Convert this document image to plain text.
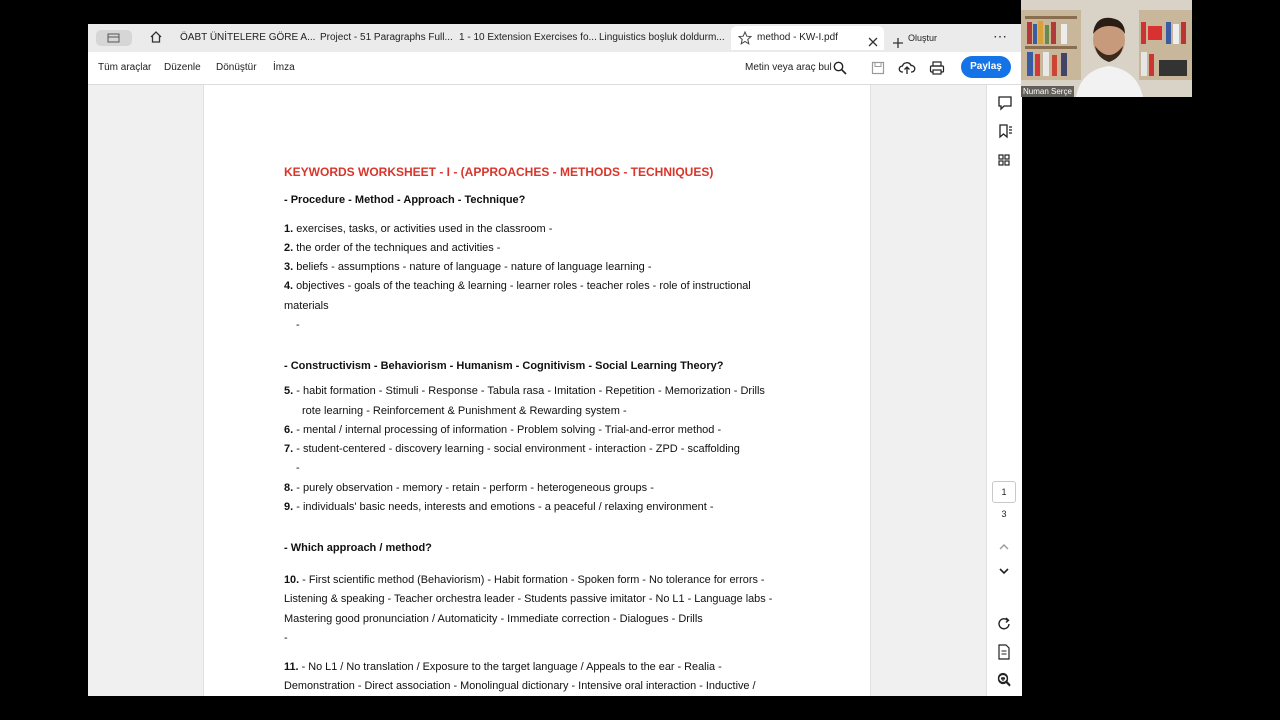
ÖABT ÜNİTELERE GÖRE A... Project - 51 Paragraphs Full... 1 - 10 Extension Exercises fo... Linguistics boşluk doldurm...	method - KW-I.pdf	Oluştur	⋯
Tüm araçlar Düzenle Dönüştür İmza	Metin veya araç bul	Paylaş
KEYWORDS WORKSHEET - I - (APPROACHES - METHODS - TECHNIQUES)
- Procedure - Method - Approach - Technique?
1. exercises, tasks, or activities used in the classroom -
2. the order of the techniques and activities -
3. beliefs - assumptions - nature of language - nature of language learning -
4. objectives - goals of the teaching & learning - learner roles - teacher roles - role of instructional
materials
-
- Constructivism - Behaviorism - Humanism - Cognitivism - Social Learning Theory?
5. - habit formation - Stimuli - Response - Tabula rasa - Imitation - Repetition - Memorization - Drills
rote learning - Reinforcement & Punishment & Rewarding system -
6. - mental / internal processing of information - Problem solving - Trial-and-error method -
7. - student-centered - discovery learning - social environment - interaction - ZPD - scaffolding
-
8. - purely observation - memory - retain - perform - heterogeneous groups -
9. - individuals' basic needs, interests and emotions - a peaceful / relaxing environment -
- Which approach / method?
10. - First scientific method (Behaviorism) - Habit formation - Spoken form - No tolerance for errors -
Listening & speaking - Teacher orchestra leader - Students passive imitator - No L1 - Language labs -
Mastering good pronunciation / Automaticity - Immediate correction - Dialogues - Drills
-
11. - No L1 / No translation / Exposure to the target language / Appeals to the ear - Realia -
Demonstration - Direct association - Monolingual dictionary - Intensive oral interaction - Inductive /
1
3
Numan Serçe
